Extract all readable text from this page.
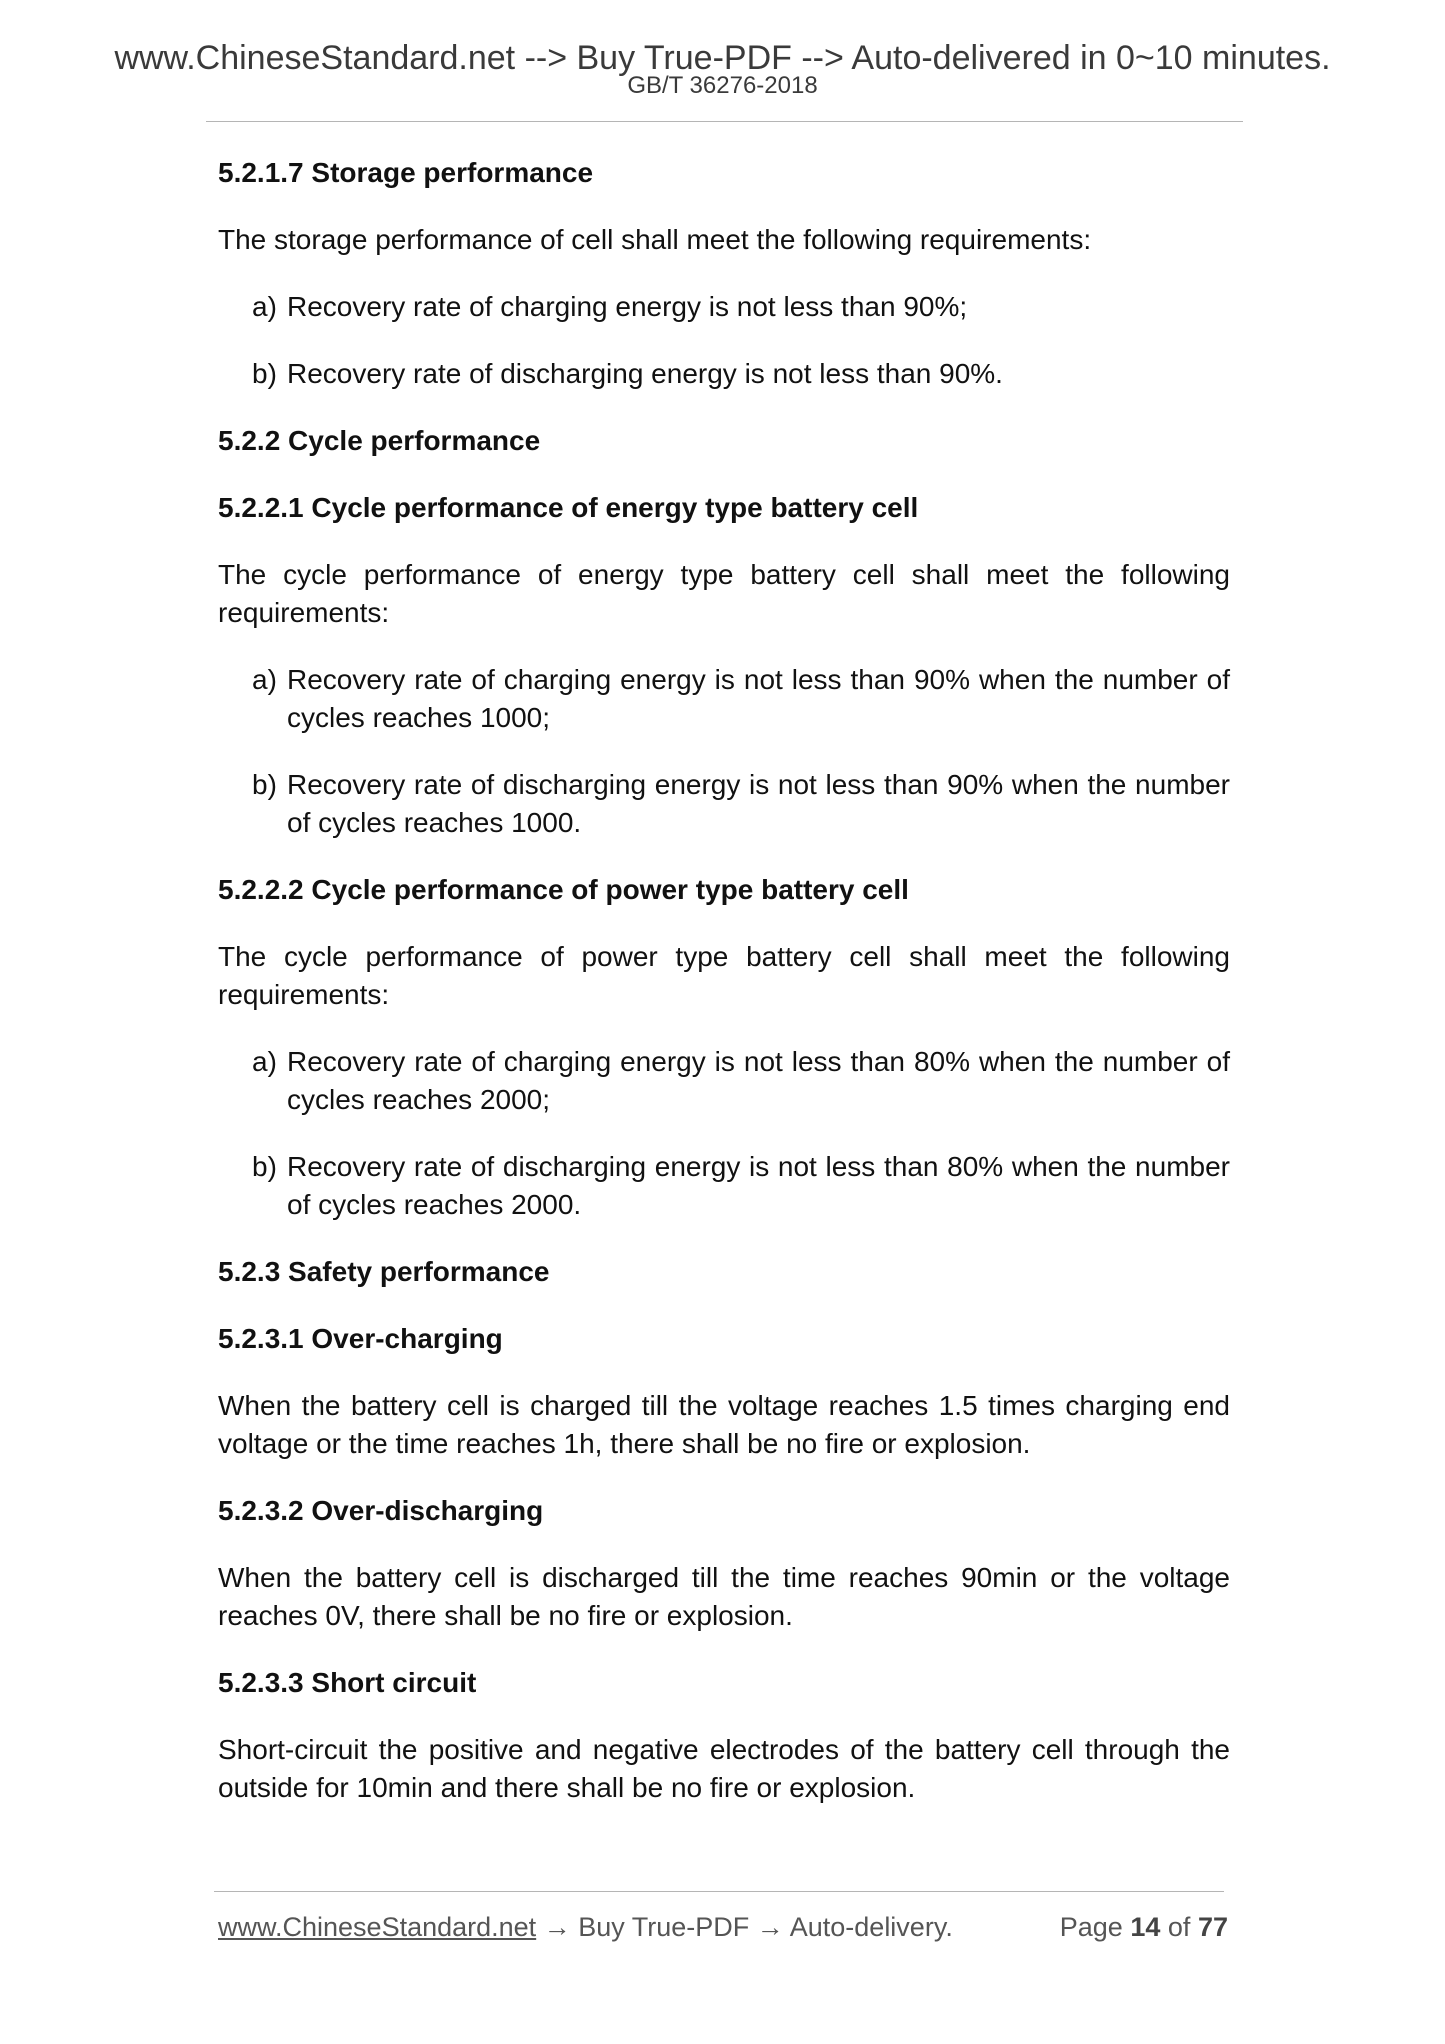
www.ChineseStandard.net --> Buy True-PDF --> Auto-delivered in 0~10 minutes.
GB/T 36276-2018
5.2.1.7 Storage performance
The storage performance of cell shall meet the following requirements:
a) Recovery rate of charging energy is not less than 90%;
b) Recovery rate of discharging energy is not less than 90%.
5.2.2 Cycle performance
5.2.2.1 Cycle performance of energy type battery cell
The cycle performance of energy type battery cell shall meet the following requirements:
a) Recovery rate of charging energy is not less than 90% when the number of cycles reaches 1000;
b) Recovery rate of discharging energy is not less than 90% when the number of cycles reaches 1000.
5.2.2.2 Cycle performance of power type battery cell
The cycle performance of power type battery cell shall meet the following requirements:
a) Recovery rate of charging energy is not less than 80% when the number of cycles reaches 2000;
b) Recovery rate of discharging energy is not less than 80% when the number of cycles reaches 2000.
5.2.3 Safety performance
5.2.3.1 Over-charging
When the battery cell is charged till the voltage reaches 1.5 times charging end voltage or the time reaches 1h, there shall be no fire or explosion.
5.2.3.2 Over-discharging
When the battery cell is discharged till the time reaches 90min or the voltage reaches 0V, there shall be no fire or explosion.
5.2.3.3 Short circuit
Short-circuit the positive and negative electrodes of the battery cell through the outside for 10min and there shall be no fire or explosion.
www.ChineseStandard.net → Buy True-PDF → Auto-delivery.	Page 14 of 77
